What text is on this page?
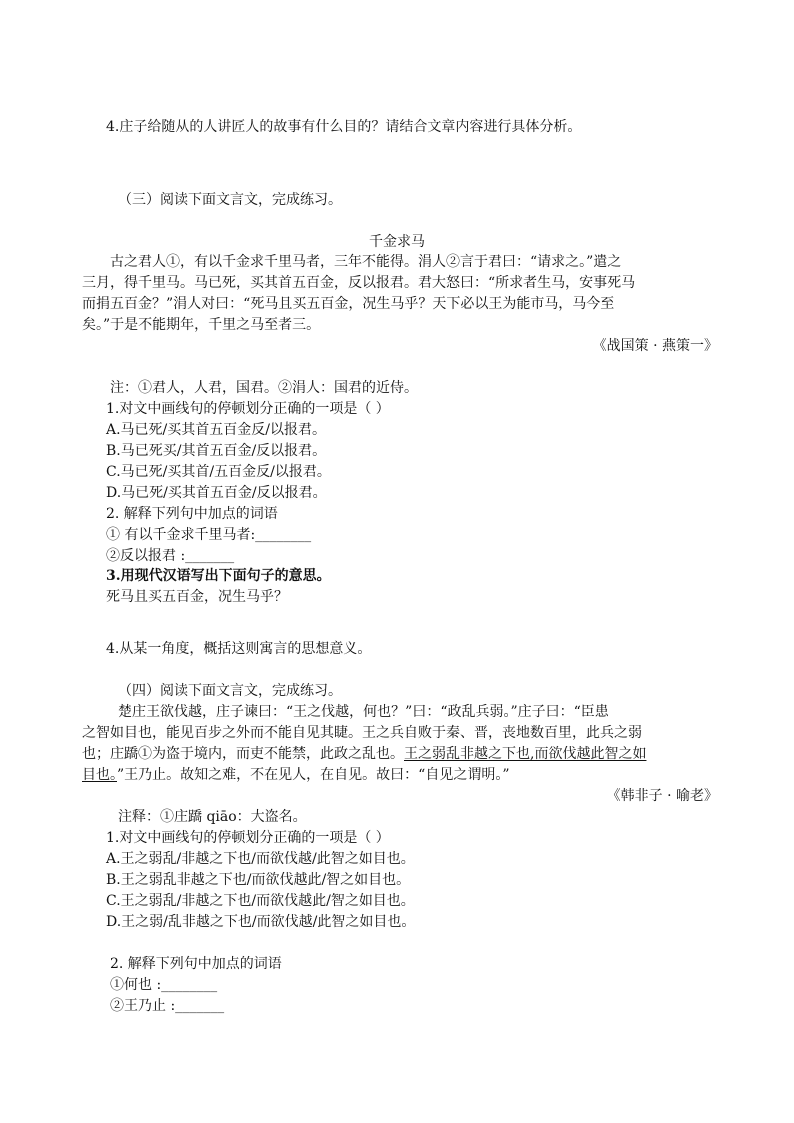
4.庄子给随从的人讲匠人的故事有什么目的？请结合文章内容进行具体分析。
（三）阅读下面文言文，完成练习。
千金求马
古之君人①，有以千金求千里马者，三年不能得。涓人②言于君曰：“请求之。”遣之
三月，得千里马。马已死，买其首五百金，反以报君。君大怒曰：“所求者生马，安事死马
而捐五百金？”涓人对曰：“死马且买五百金，况生马乎？天下必以王为能市马，马今至
矣。”于是不能期年，千里之马至者三。
《战国策 · 燕策一》
注：①君人，人君，国君。②涓人：国君的近侍。
1.对文中画线句的停顿划分正确的一项是（ ）
A.马已死/买其首五百金反/以报君。
B.马已死买/其首五百金/反以报君。
C.马已死/买其首/五百金反/以报君。
D.马已死/买其首五百金/反以报君。
2. 解释下列句中加点的词语
① 有以千金求千里马者:________
②反以报君 :_______
3.用现代汉语写出下面句子的意思。
死马且买五百金，况生马乎？
4.从某一角度，概括这则寓言的思想意义。
（四）阅读下面文言文，完成练习。
楚庄王欲伐越，庄子谏曰：“王之伐越，何也？”曰：“政乱兵弱。”庄子曰：“臣患
之智如目也，能见百步之外而不能自见其睫。王之兵自败于秦、晋，丧地数百里，此兵之弱
也；庄蹻①为盗于境内，而吏不能禁，此政之乱也。王之弱乱非越之下也,而欲伐越此智之如
目也。”王乃止。故知之难，不在见人，在自见。故曰：“自见之谓明。”
《韩非子 · 喻老》
注释：①庄蹻 qiāo：大盗名。
1.对文中画线句的停顿划分正确的一项是（ ）
A.王之弱乱/非越之下也/而欲伐越/此智之如目也。
B.王之弱乱非越之下也/而欲伐越此/智之如目也。
C.王之弱乱/非越之下也/而欲伐越此/智之如目也。
D.王之弱/乱非越之下也/而欲伐越/此智之如目也。
2. 解释下列句中加点的词语
①何也 :________
②王乃止 :_______
